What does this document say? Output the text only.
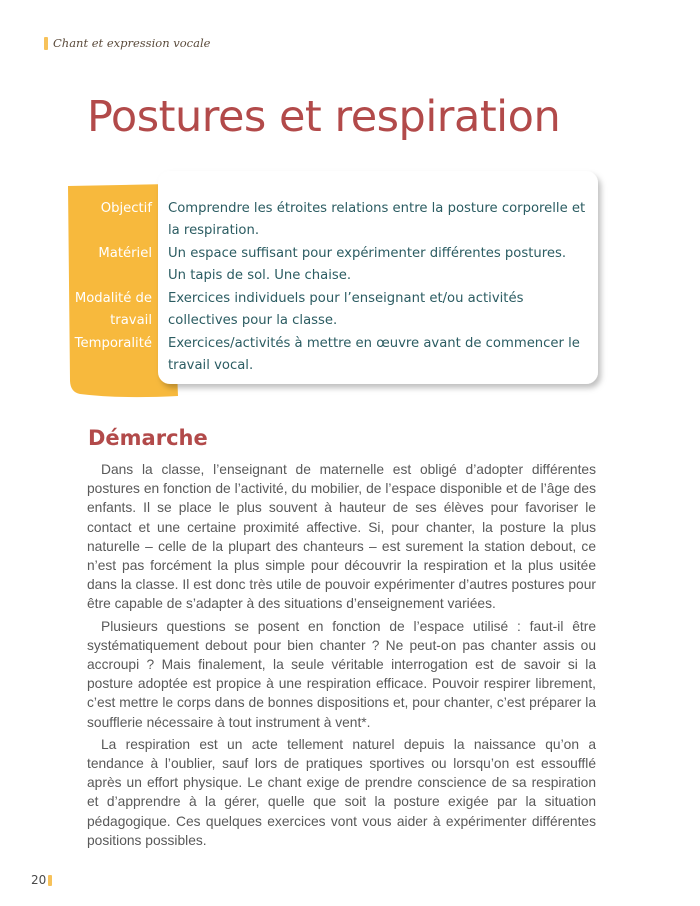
Chant et expression vocale
Postures et respiration
Objectif Comprendre les étroites relations entre la posture corporelle et la respiration.
Matériel Un espace suffisant pour expérimenter différentes postures. Un tapis de sol. Une chaise.
Modalité de travail
Exercices individuels pour l’enseignant et/ou activités collectives pour la classe.
Temporalité Exercices/activités à mettre en œuvre avant de commencer le travail vocal.
Démarche

Dans la classe, l’enseignant de maternelle est obligé d’adopter différentes postures en fonction de l’activité, du mobilier, de l’espace disponible et de l’âge des enfants. Il se place le plus souvent à hauteur de ses élèves pour favoriser le contact et une certaine proximité affective. Si, pour chanter, la posture la plus naturelle – celle de la plupart des chanteurs – est surement la station debout, ce n’est pas forcément la plus simple pour découvrir la respiration et la plus usitée dans la classe. Il est donc très utile de pouvoir expérimenter d’autres postures pour être capable de s’adapter à des situations d’enseignement variées.

Plusieurs questions se posent en fonction de l’espace utilisé : faut-il être systématiquement debout pour bien chanter ? Ne peut-on pas chanter assis ou accroupi ? Mais finalement, la seule véritable interrogation est de savoir si la posture adoptée est propice à une respiration efficace. Pouvoir respirer librement, c’est mettre le corps dans de bonnes dispositions et, pour chanter, c’est préparer la soufflerie nécessaire à tout instrument à vent*.

La respiration est un acte tellement naturel depuis la naissance qu’on a tendance à l’oublier, sauf lors de pratiques sportives ou lorsqu’on est essoufflé après un effort physique. Le chant exige de prendre conscience de sa respiration et d’apprendre à la gérer, quelle que soit la posture exigée par la situation pédagogique. Ces quelques exercices vont vous aider à expérimenter différentes positions possibles.

20
